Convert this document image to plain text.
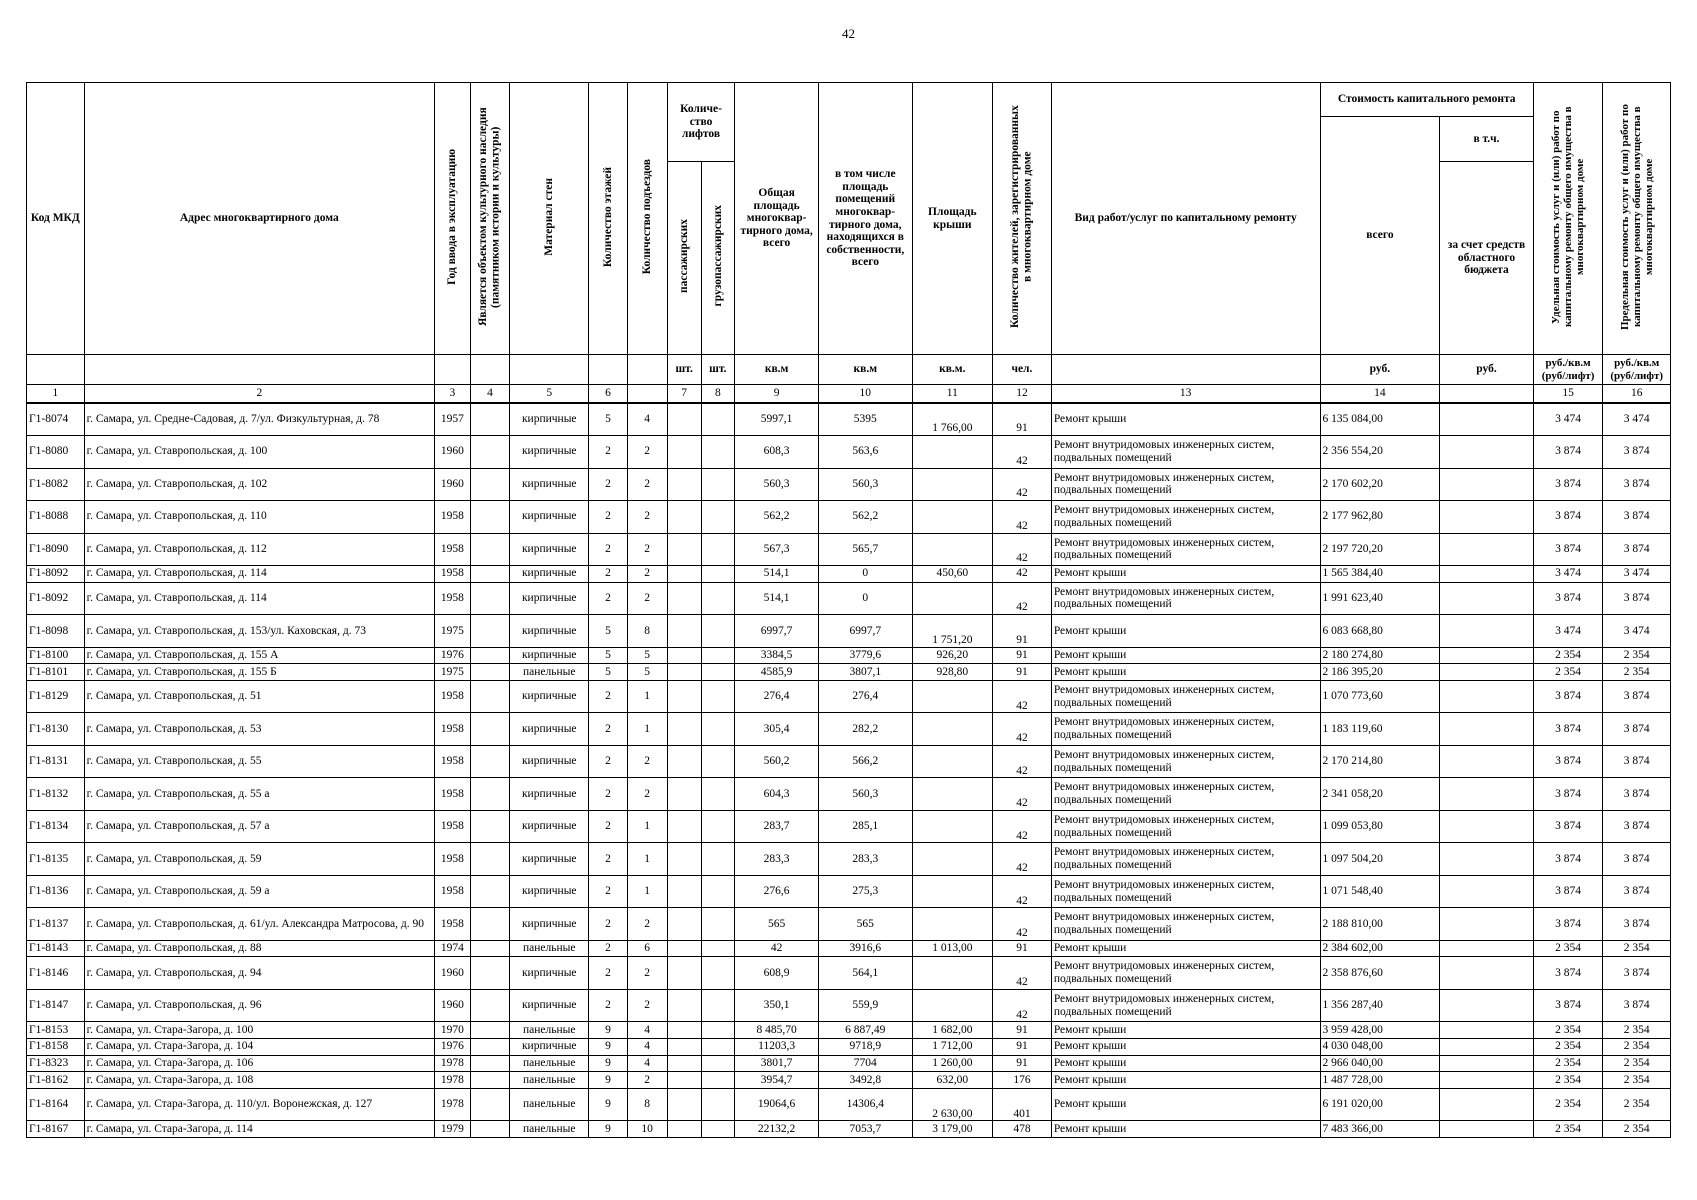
42
Код МКД	Адрес многоквартирного дома	Год ввода в эксплуатацию	Является объектом культурного наследия (памятником истории и культуры)	Материал стен	Количество этажей	Количество подъездов	Количе- ство лифтов		Общая площадь многоквар- тирного дома, всего	в том числе площадь помещений многоквар- тирного дома, находящихся в собственности, всего	Площадь крыши	Количество жителей, зарегистрированных в многоквартирном доме	Вид работ/услуг по капитальному ремонту	Стоимость капитального ремонта		Удельная стоимость услуг и (или) работ по капитальному ремонту общего имущества в многоквартирном доме	Предельная стоимость услуг и (или) работ по капитальному ремонту общего имущества в многоквартирном доме
														всего	в т.ч.		
							пассажирских	грузопассажирских							за счет средств областного бюджета		
							шт.	шт.	кв.м	кв.м	кв.м.	чел.		руб.	руб.	руб./кв.м (руб/лифт)	руб./кв.м (руб/лифт)
1	2	3	4	5	6		7	8	9	10	11	12	13	14		15	16
Г1-8074	г. Самара, ул. Средне-Садовая, д. 7/ул. Физкультурная, д. 78	1957		кирпичные	5	4			5997,1	5395	1 766,00	91	Ремонт крыши	6 135 084,00		3 474	3 474
Г1-8080	г. Самара, ул. Ставропольская, д. 100	1960		кирпичные	2	2			608,3	563,6		42	Ремонт внутридомовых инженерных систем, подвальных помещений	2 356 554,20		3 874	3 874
Г1-8082	г. Самара, ул. Ставропольская, д. 102	1960		кирпичные	2	2			560,3	560,3		42	Ремонт внутридомовых инженерных систем, подвальных помещений	2 170 602,20		3 874	3 874
Г1-8088	г. Самара, ул. Ставропольская, д. 110	1958		кирпичные	2	2			562,2	562,2		42	Ремонт внутридомовых инженерных систем, подвальных помещений	2 177 962,80		3 874	3 874
Г1-8090	г. Самара, ул. Ставропольская, д. 112	1958		кирпичные	2	2			567,3	565,7		42	Ремонт внутридомовых инженерных систем, подвальных помещений	2 197 720,20		3 874	3 874
Г1-8092	г. Самара, ул. Ставропольская, д. 114	1958		кирпичные	2	2			514,1	0	450,60	42	Ремонт крыши	1 565 384,40		3 474	3 474
Г1-8092	г. Самара, ул. Ставропольская, д. 114	1958		кирпичные	2	2			514,1	0		42	Ремонт внутридомовых инженерных систем, подвальных помещений	1 991 623,40		3 874	3 874
Г1-8098	г. Самара, ул. Ставропольская, д. 153/ул. Каховская, д. 73	1975		кирпичные	5	8			6997,7	6997,7	1 751,20	91	Ремонт крыши	6 083 668,80		3 474	3 474
Г1-8100	г. Самара, ул. Ставропольская, д. 155 А	1976		кирпичные	5	5			3384,5	3779,6	926,20	91	Ремонт крыши	2 180 274,80		2 354	2 354
Г1-8101	г. Самара, ул. Ставропольская, д. 155 Б	1975		панельные	5	5			4585,9	3807,1	928,80	91	Ремонт крыши	2 186 395,20		2 354	2 354
Г1-8129	г. Самара, ул. Ставропольская, д. 51	1958		кирпичные	2	1			276,4	276,4		42	Ремонт внутридомовых инженерных систем, подвальных помещений	1 070 773,60		3 874	3 874
Г1-8130	г. Самара, ул. Ставропольская, д. 53	1958		кирпичные	2	1			305,4	282,2		42	Ремонт внутридомовых инженерных систем, подвальных помещений	1 183 119,60		3 874	3 874
Г1-8131	г. Самара, ул. Ставропольская, д. 55	1958		кирпичные	2	2			560,2	566,2		42	Ремонт внутридомовых инженерных систем, подвальных помещений	2 170 214,80		3 874	3 874
Г1-8132	г. Самара, ул. Ставропольская, д. 55 а	1958		кирпичные	2	2			604,3	560,3		42	Ремонт внутридомовых инженерных систем, подвальных помещений	2 341 058,20		3 874	3 874
Г1-8134	г. Самара, ул. Ставропольская, д. 57 а	1958		кирпичные	2	1			283,7	285,1		42	Ремонт внутридомовых инженерных систем, подвальных помещений	1 099 053,80		3 874	3 874
Г1-8135	г. Самара, ул. Ставропольская, д. 59	1958		кирпичные	2	1			283,3	283,3		42	Ремонт внутридомовых инженерных систем, подвальных помещений	1 097 504,20		3 874	3 874
Г1-8136	г. Самара, ул. Ставропольская, д. 59 а	1958		кирпичные	2	1			276,6	275,3		42	Ремонт внутридомовых инженерных систем, подвальных помещений	1 071 548,40		3 874	3 874
Г1-8137	г. Самара, ул. Ставропольская, д. 61/ул. Александра Матросова, д. 90	1958		кирпичные	2	2			565	565		42	Ремонт внутридомовых инженерных систем, подвальных помещений	2 188 810,00		3 874	3 874
Г1-8143	г. Самара, ул. Ставропольская, д. 88	1974		панельные	2	6			42	3916,6	1 013,00	91	Ремонт крыши	2 384 602,00		2 354	2 354
Г1-8146	г. Самара, ул. Ставропольская, д. 94	1960		кирпичные	2	2			608,9	564,1		42	Ремонт внутридомовых инженерных систем, подвальных помещений	2 358 876,60		3 874	3 874
Г1-8147	г. Самара, ул. Ставропольская, д. 96	1960		кирпичные	2	2			350,1	559,9		42	Ремонт внутридомовых инженерных систем, подвальных помещений	1 356 287,40		3 874	3 874
Г1-8153	г. Самара, ул. Стара-Загора, д. 100	1970		панельные	9	4			8 485,70	6 887,49	1 682,00	91	Ремонт крыши	3 959 428,00		2 354	2 354
Г1-8158	г. Самара, ул. Стара-Загора, д. 104	1976		кирпичные	9	4			11203,3	9718,9	1 712,00	91	Ремонт крыши	4 030 048,00		2 354	2 354
Г1-8323	г. Самара, ул. Стара-Загора, д. 106	1978		панельные	9	4			3801,7	7704	1 260,00	91	Ремонт крыши	2 966 040,00		2 354	2 354
Г1-8162	г. Самара, ул. Стара-Загора, д. 108	1978		панельные	9	2			3954,7	3492,8	632,00	176	Ремонт крыши	1 487 728,00		2 354	2 354
Г1-8164	г. Самара, ул. Стара-Загора, д. 110/ул. Воронежская, д. 127	1978		панельные	9	8			19064,6	14306,4	2 630,00	401	Ремонт крыши	6 191 020,00		2 354	2 354
Г1-8167	г. Самара, ул. Стара-Загора, д. 114	1979		панельные	9	10			22132,2	7053,7	3 179,00	478	Ремонт крыши	7 483 366,00		2 354	2 354
